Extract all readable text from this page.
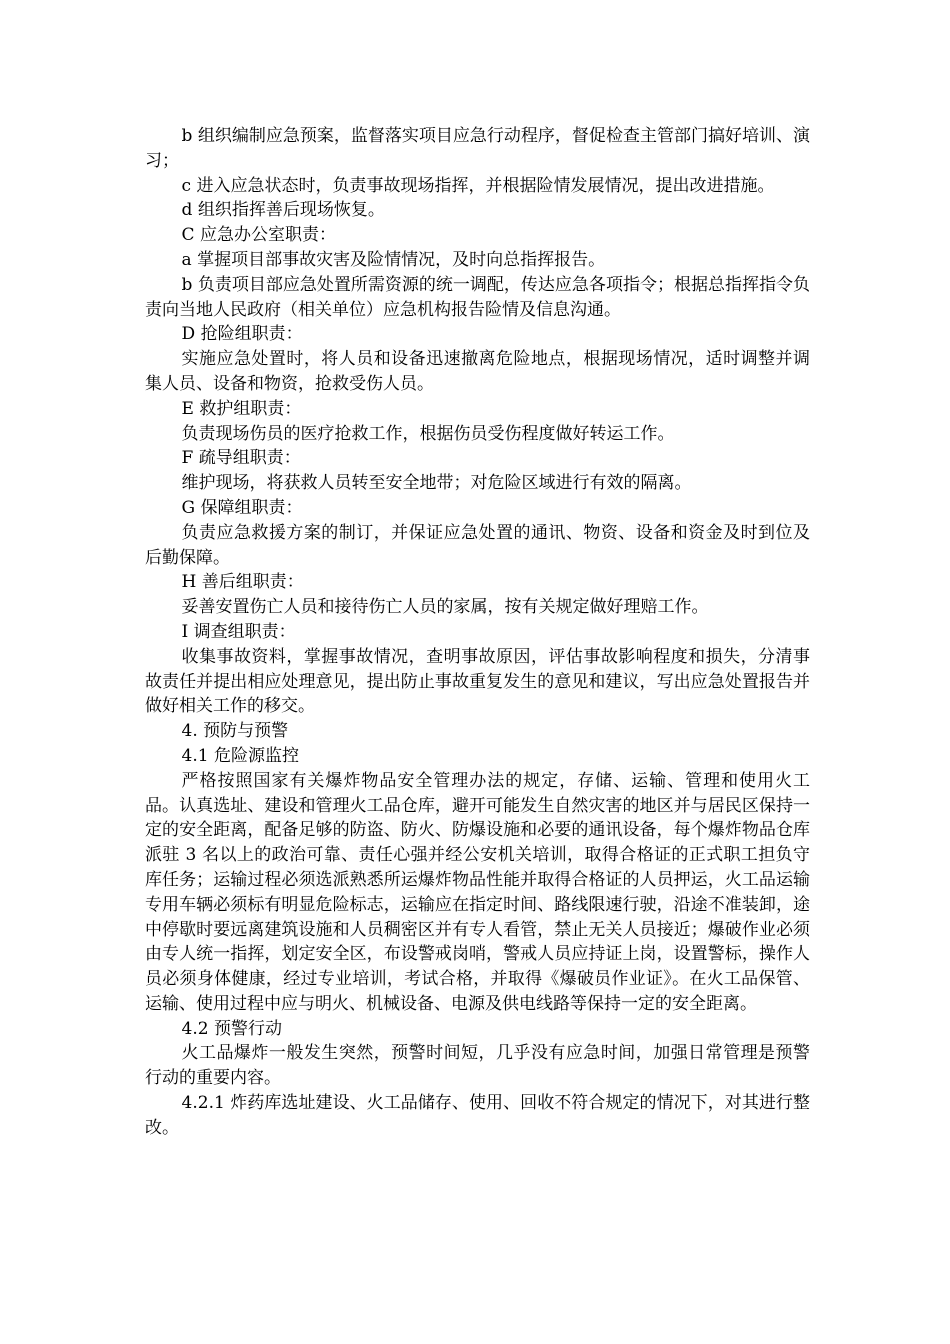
b 组织编制应急预案，监督落实项目应急行动程序，督促检查主管部门搞好培训、演习；

c 进入应急状态时，负责事故现场指挥，并根据险情发展情况，提出改进措施。

d 组织指挥善后现场恢复。

C 应急办公室职责：

a 掌握项目部事故灾害及险情情况，及时向总指挥报告。

b 负责项目部应急处置所需资源的统一调配，传达应急各项指令；根据总指挥指令负责向当地人民政府（相关单位）应急机构报告险情及信息沟通。

D 抢险组职责：

实施应急处置时，将人员和设备迅速撤离危险地点，根据现场情况，适时调整并调集人员、设备和物资，抢救受伤人员。

E 救护组职责：

负责现场伤员的医疗抢救工作，根据伤员受伤程度做好转运工作。

F 疏导组职责：

维护现场，将获救人员转至安全地带；对危险区域进行有效的隔离。

G 保障组职责：

负责应急救援方案的制订，并保证应急处置的通讯、物资、设备和资金及时到位及后勤保障。

H 善后组职责：

妥善安置伤亡人员和接待伤亡人员的家属，按有关规定做好理赔工作。

I 调查组职责：

收集事故资料，掌握事故情况，查明事故原因，评估事故影响程度和损失，分清事故责任并提出相应处理意见，提出防止事故重复发生的意见和建议，写出应急处置报告并做好相关工作的移交。

4. 预防与预警

4.1 危险源监控

严格按照国家有关爆炸物品安全管理办法的规定，存储、运输、管理和使用火工品。认真选址、建设和管理火工品仓库，避开可能发生自然灾害的地区并与居民区保持一定的安全距离，配备足够的防盗、防火、防爆设施和必要的通讯设备，每个爆炸物品仓库派驻 3 名以上的政治可靠、责任心强并经公安机关培训，取得合格证的正式职工担负守库任务；运输过程必须选派熟悉所运爆炸物品性能并取得合格证的人员押运，火工品运输专用车辆必须标有明显危险标志，运输应在指定时间、路线限速行驶，沿途不准装卸，途中停歇时要远离建筑设施和人员稠密区并有专人看管，禁止无关人员接近；爆破作业必须由专人统一指挥，划定安全区，布设警戒岗哨，警戒人员应持证上岗，设置警标，操作人员必须身体健康，经过专业培训，考试合格，并取得《爆破员作业证》。在火工品保管、运输、使用过程中应与明火、机械设备、电源及供电线路等保持一定的安全距离。

4.2 预警行动

火工品爆炸一般发生突然，预警时间短，几乎没有应急时间，加强日常管理是预警行动的重要内容。

4.2.1 炸药库选址建设、火工品储存、使用、回收不符合规定的情况下，对其进行整改。
